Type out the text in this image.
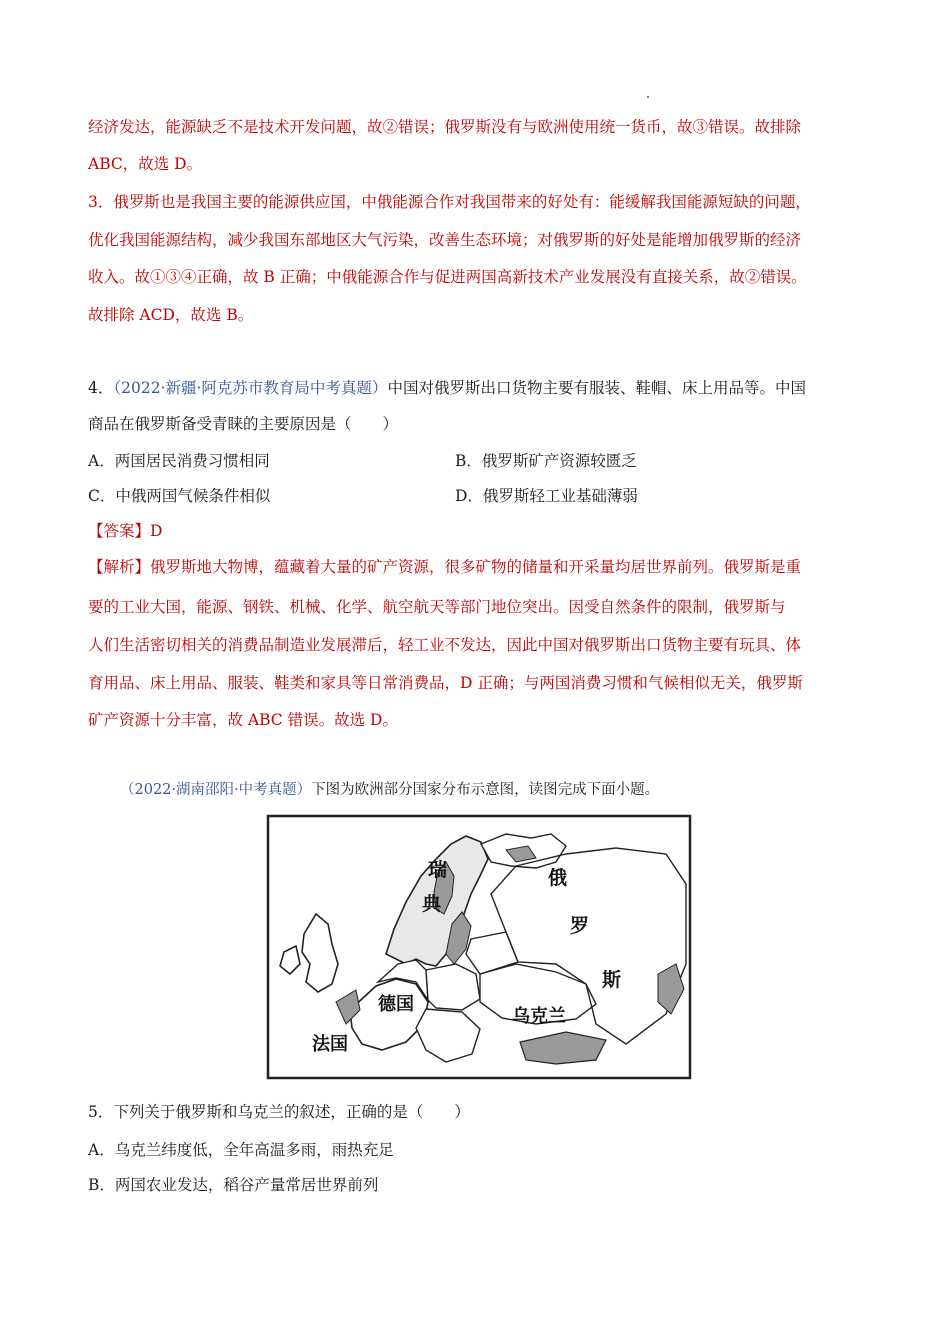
经济发达，能源缺乏不是技术开发问题，故②错误；俄罗斯没有与欧洲使用统一货币，故③错误。故排除
ABC，故选 D。
3．俄罗斯也是我国主要的能源供应国，中俄能源合作对我国带来的好处有：能缓解我国能源短缺的问题，
优化我国能源结构，减少我国东部地区大气污染，改善生态环境；对俄罗斯的好处是能增加俄罗斯的经济
收入。故①③④正确，故 B 正确；中俄能源合作与促进两国高新技术产业发展没有直接关系，故②错误。
故排除 ACD，故选 B。
4．（2022·新疆·阿克苏市教育局中考真题）中国对俄罗斯出口货物主要有服装、鞋帽、床上用品等。中国
商品在俄罗斯备受青睐的主要原因是（　　）
A．两国居民消费习惯相同	B．俄罗斯矿产资源较匮乏
C．中俄两国气候条件相似	D．俄罗斯轻工业基础薄弱
【答案】D
【解析】俄罗斯地大物博，蕴藏着大量的矿产资源，很多矿物的储量和开采量均居世界前列。俄罗斯是重
要的工业大国，能源、钢铁、机械、化学、航空航天等部门地位突出。因受自然条件的限制，俄罗斯与
人们生活密切相关的消费品制造业发展滞后，轻工业不发达，因此中国对俄罗斯出口货物主要有玩具、体
育用品、床上用品、服装、鞋类和家具等日常消费品，D 正确；与两国消费习惯和气候相似无关，俄罗斯
矿产资源十分丰富，故 ABC 错误。故选 D。
（2022·湖南邵阳·中考真题）下图为欧洲部分国家分布示意图，读图完成下面小题。
瑞
典
俄
罗
斯
德国
法国
乌克兰
5．下列关于俄罗斯和乌克兰的叙述，正确的是（　　）
A．乌克兰纬度低，全年高温多雨，雨热充足
B．两国农业发达，稻谷产量常居世界前列
